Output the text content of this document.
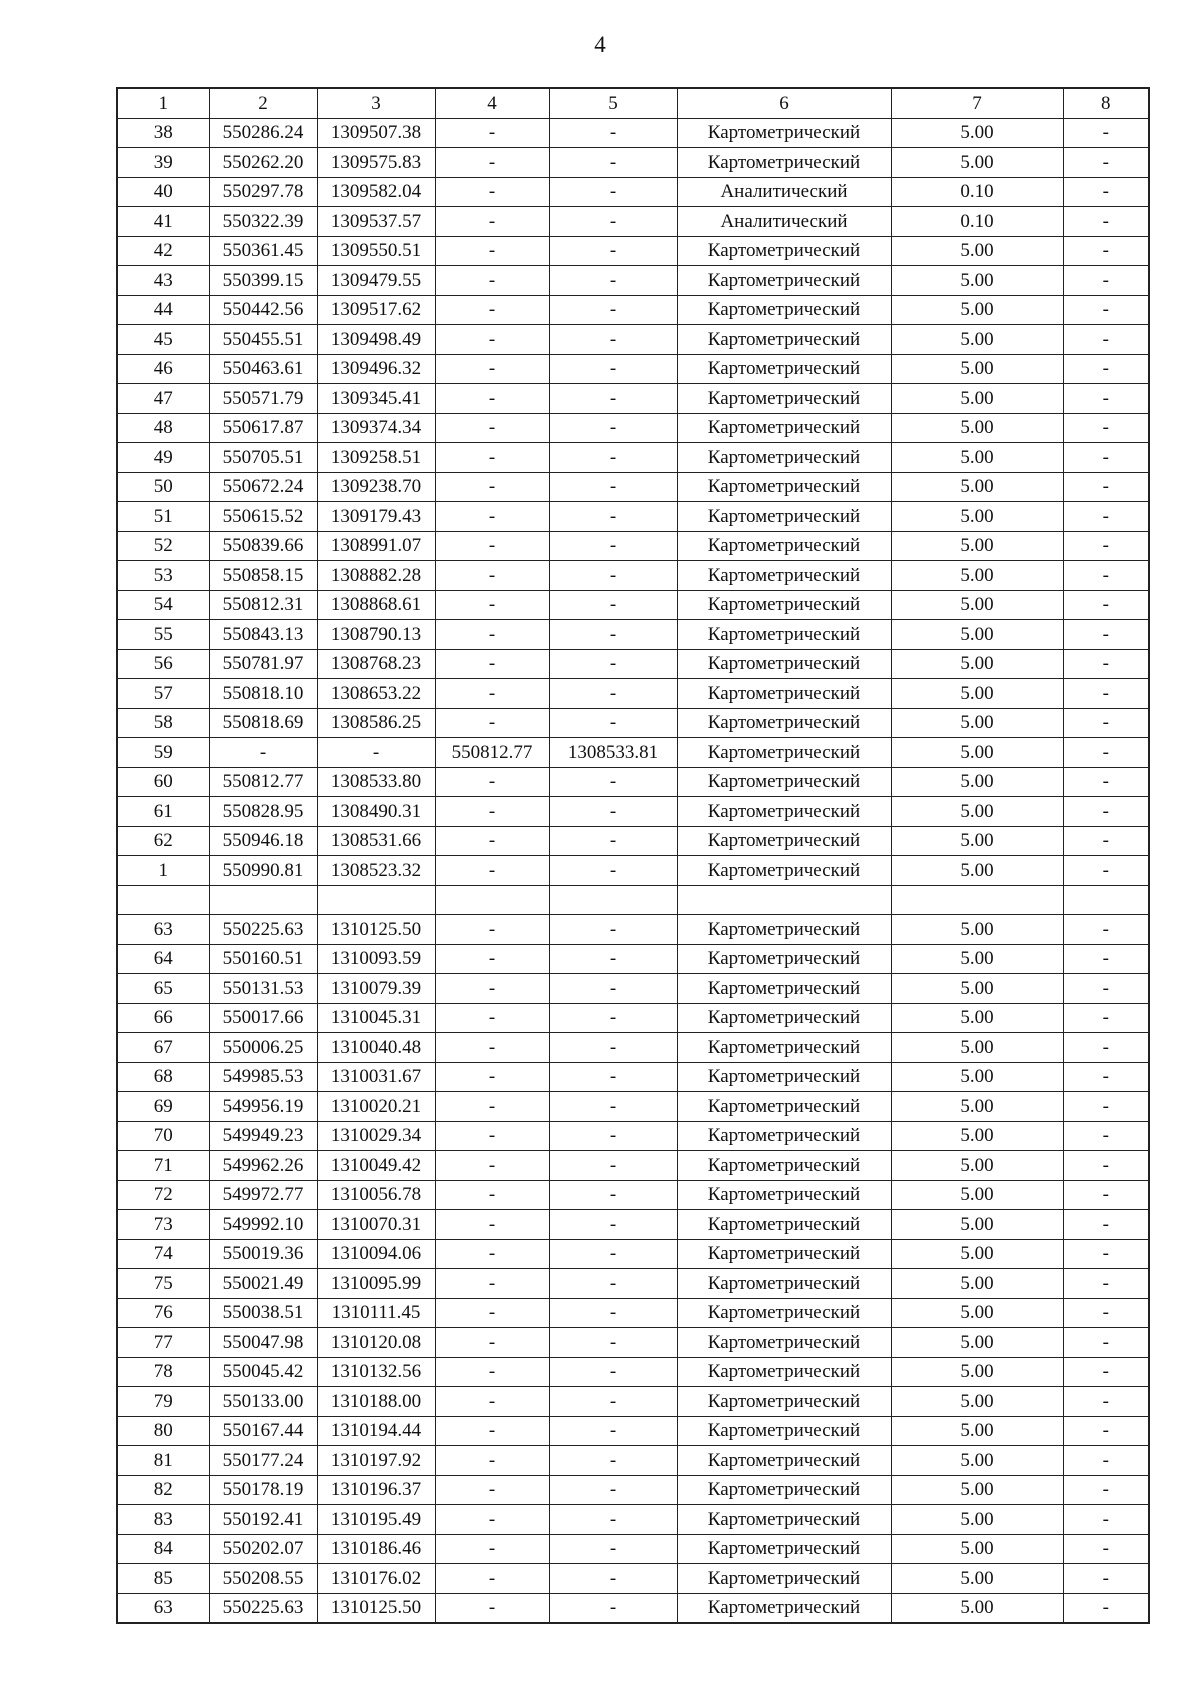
4
1	2	3	4	5	6	7	8
38	550286.24	1309507.38	-	-	Картометрический	5.00	-
39	550262.20	1309575.83	-	-	Картометрический	5.00	-
40	550297.78	1309582.04	-	-	Аналитический	0.10	-
41	550322.39	1309537.57	-	-	Аналитический	0.10	-
42	550361.45	1309550.51	-	-	Картометрический	5.00	-
43	550399.15	1309479.55	-	-	Картометрический	5.00	-
44	550442.56	1309517.62	-	-	Картометрический	5.00	-
45	550455.51	1309498.49	-	-	Картометрический	5.00	-
46	550463.61	1309496.32	-	-	Картометрический	5.00	-
47	550571.79	1309345.41	-	-	Картометрический	5.00	-
48	550617.87	1309374.34	-	-	Картометрический	5.00	-
49	550705.51	1309258.51	-	-	Картометрический	5.00	-
50	550672.24	1309238.70	-	-	Картометрический	5.00	-
51	550615.52	1309179.43	-	-	Картометрический	5.00	-
52	550839.66	1308991.07	-	-	Картометрический	5.00	-
53	550858.15	1308882.28	-	-	Картометрический	5.00	-
54	550812.31	1308868.61	-	-	Картометрический	5.00	-
55	550843.13	1308790.13	-	-	Картометрический	5.00	-
56	550781.97	1308768.23	-	-	Картометрический	5.00	-
57	550818.10	1308653.22	-	-	Картометрический	5.00	-
58	550818.69	1308586.25	-	-	Картометрический	5.00	-
59	-	-	550812.77	1308533.81	Картометрический	5.00	-
60	550812.77	1308533.80	-	-	Картометрический	5.00	-
61	550828.95	1308490.31	-	-	Картометрический	5.00	-
62	550946.18	1308531.66	-	-	Картометрический	5.00	-
1	550990.81	1308523.32	-	-	Картометрический	5.00	-

63	550225.63	1310125.50	-	-	Картометрический	5.00	-
64	550160.51	1310093.59	-	-	Картометрический	5.00	-
65	550131.53	1310079.39	-	-	Картометрический	5.00	-
66	550017.66	1310045.31	-	-	Картометрический	5.00	-
67	550006.25	1310040.48	-	-	Картометрический	5.00	-
68	549985.53	1310031.67	-	-	Картометрический	5.00	-
69	549956.19	1310020.21	-	-	Картометрический	5.00	-
70	549949.23	1310029.34	-	-	Картометрический	5.00	-
71	549962.26	1310049.42	-	-	Картометрический	5.00	-
72	549972.77	1310056.78	-	-	Картометрический	5.00	-
73	549992.10	1310070.31	-	-	Картометрический	5.00	-
74	550019.36	1310094.06	-	-	Картометрический	5.00	-
75	550021.49	1310095.99	-	-	Картометрический	5.00	-
76	550038.51	1310111.45	-	-	Картометрический	5.00	-
77	550047.98	1310120.08	-	-	Картометрический	5.00	-
78	550045.42	1310132.56	-	-	Картометрический	5.00	-
79	550133.00	1310188.00	-	-	Картометрический	5.00	-
80	550167.44	1310194.44	-	-	Картометрический	5.00	-
81	550177.24	1310197.92	-	-	Картометрический	5.00	-
82	550178.19	1310196.37	-	-	Картометрический	5.00	-
83	550192.41	1310195.49	-	-	Картометрический	5.00	-
84	550202.07	1310186.46	-	-	Картометрический	5.00	-
85	550208.55	1310176.02	-	-	Картометрический	5.00	-
63	550225.63	1310125.50	-	-	Картометрический	5.00	-
